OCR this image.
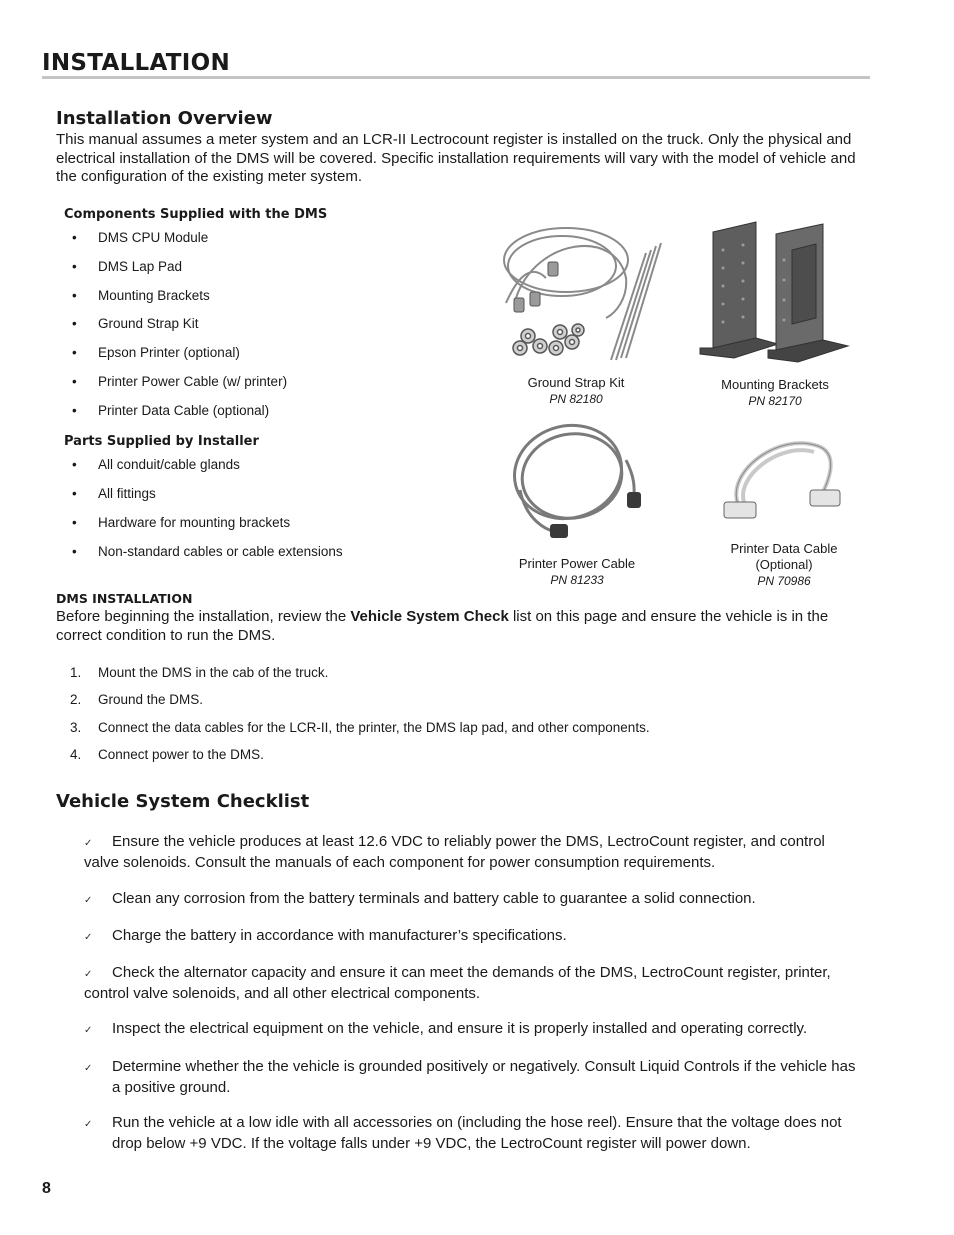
INSTALLATION
Installation Overview
This manual assumes a meter system and an LCR-II Lectrocount register is installed on the truck. Only the physical and electrical installation of the DMS will be covered. Specific installation requirements will vary with the model of vehicle and the configuration of the existing meter system.
Components Supplied with the DMS
• DMS CPU Module
• DMS Lap Pad
• Mounting Brackets
• Ground Strap Kit
• Epson Printer (optional)
• Printer Power Cable (w/ printer)
• Printer Data Cable (optional)
Parts Supplied by Installer
• All conduit/cable glands
• All fittings
• Hardware for mounting brackets
• Non-standard cables or cable extensions
Ground Strap Kit
PN 82180
Mounting Brackets
PN 82170
Printer Power Cable
PN 81233
Printer Data Cable
(Optional)
PN 70986
DMS INSTALLATION
Before beginning the installation, review the Vehicle System Check list on this page and ensure the vehicle is in the correct condition to run the DMS.
1. Mount the DMS in the cab of the truck.
2. Ground the DMS.
3. Connect the data cables for the LCR-II, the printer, the DMS lap pad, and other components.
4. Connect power to the DMS.
Vehicle System Checklist
✓ Ensure the vehicle produces at least 12.6 VDC to reliably power the DMS, LectroCount register, and control valve solenoids. Consult the manuals of each component for power consumption requirements.
✓ Clean any corrosion from the battery terminals and battery cable to guarantee a solid connection.
✓ Charge the battery in accordance with manufacturer’s specifications.
✓ Check the alternator capacity and ensure it can meet the demands of the DMS, LectroCount register, printer, control valve solenoids, and all other electrical components.
✓ Inspect the electrical equipment on the vehicle, and ensure it is properly installed and operating correctly.
✓ Determine whether the the vehicle is grounded positively or negatively. Consult Liquid Controls if the vehicle has a positive ground.
✓ Run the vehicle at a low idle with all accessories on (including the hose reel). Ensure that the voltage does not drop below +9 VDC. If the voltage falls under +9 VDC, the LectroCount register will power down.
8
